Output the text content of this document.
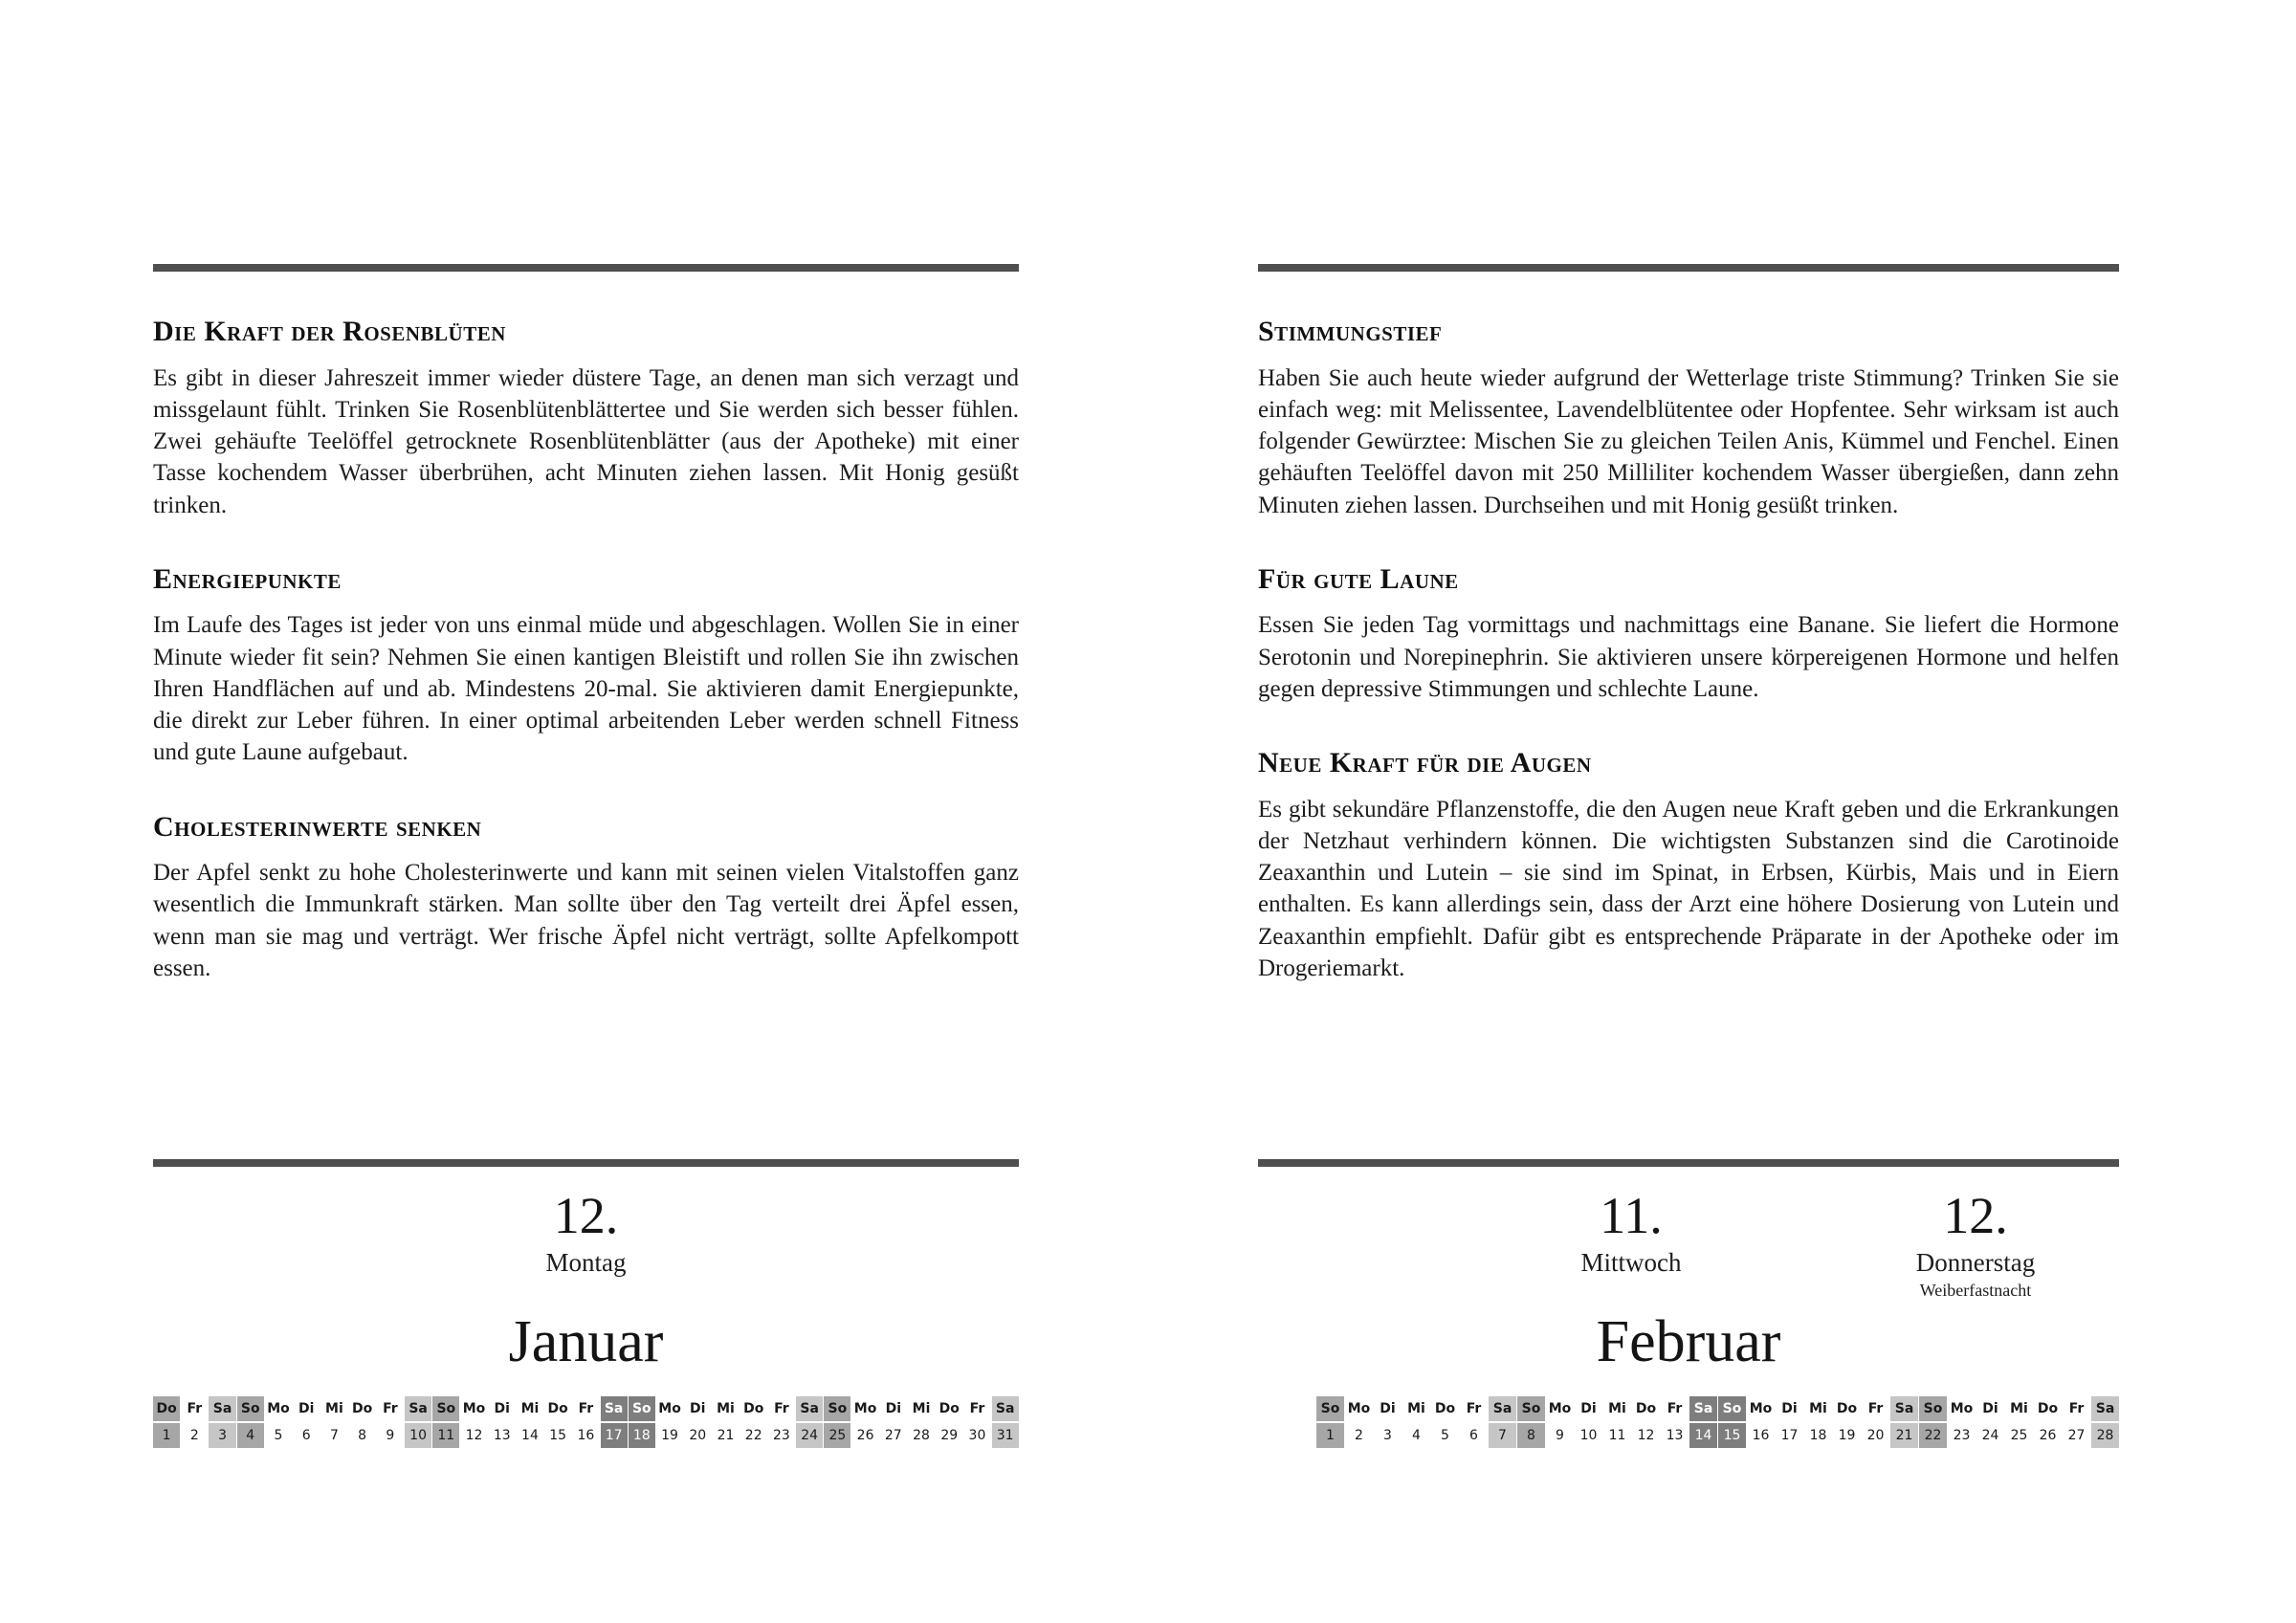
Die Kraft der Rosenblüten

Es gibt in dieser Jahreszeit immer wieder düstere Tage, an denen man sich verzagt und missgelaunt fühlt. Trinken Sie Rosenblütenblättertee und Sie werden sich besser fühlen. Zwei gehäufte Teelöffel getrocknete Rosenblütenblätter (aus der Apotheke) mit einer Tasse kochendem Wasser überbrühen, acht Minuten ziehen lassen. Mit Honig gesüßt trinken.

Energiepunkte

Im Laufe des Tages ist jeder von uns einmal müde und abgeschlagen. Wollen Sie in einer Minute wieder fit sein? Nehmen Sie einen kantigen Bleistift und rollen Sie ihn zwischen Ihren Handflächen auf und ab. Mindestens 20-mal. Sie aktivieren damit Energiepunkte, die direkt zur Leber führen. In einer optimal arbeitenden Leber werden schnell Fitness und gute Laune aufgebaut.

Cholesterinwerte senken

Der Apfel senkt zu hohe Cholesterinwerte und kann mit seinen vielen Vitalstoffen ganz wesentlich die Immunkraft stärken. Man sollte über den Tag verteilt drei Äpfel essen, wenn man sie mag und verträgt. Wer frische Äpfel nicht verträgt, sollte Apfelkompott essen.

Stimmungstief

Haben Sie auch heute wieder aufgrund der Wetterlage triste Stimmung? Trinken Sie sie einfach weg: mit Melissentee, Lavendelblütentee oder Hopfentee. Sehr wirksam ist auch folgender Gewürztee: Mischen Sie zu gleichen Teilen Anis, Kümmel und Fenchel. Einen gehäuften Teelöffel davon mit 250 Milliliter kochendem Wasser übergießen, dann zehn Minuten ziehen lassen. Durchseihen und mit Honig gesüßt trinken.

Für gute Laune

Essen Sie jeden Tag vormittags und nachmittags eine Banane. Sie liefert die Hormone Serotonin und Norepinephrin. Sie aktivieren unsere körpereigenen Hormone und helfen gegen depressive Stimmungen und schlechte Laune.

Neue Kraft für die Augen

Es gibt sekundäre Pflanzenstoffe, die den Augen neue Kraft geben und die Erkrankungen der Netzhaut verhindern können. Die wichtigsten Substanzen sind die Carotinoide Zeaxanthin und Lutein – sie sind im Spinat, in Erbsen, Kürbis, Mais und in Eiern enthalten. Es kann allerdings sein, dass der Arzt eine höhere Dosierung von Lutein und Zeaxanthin empfiehlt. Dafür gibt es entsprechende Präparate in der Apotheke oder im Drogeriemarkt.

12.
Montag
Januar
Do Fr Sa So Mo Di Mi Do Fr Sa So Mo Di Mi Do Fr Sa So Mo Di Mi Do Fr Sa So Mo Di Mi Do Fr Sa
1	2	3	4	5	6	7	8	9	10 11 12 13 14 15 16 17 18 19 20 21 22 23 24 25 26 27 28 29 30 31
11.
Mittwoch
12.
Donnerstag
Weiberfastnacht
Februar
So Mo Di Mi Do Fr Sa So Mo Di Mi Do Fr Sa So Mo Di Mi Do Fr Sa So Mo Di Mi Do Fr Sa
1	2	3	4	5	6	7	8	9	10 11 12 13 14 15 16 17 18 19 20 21 22 23 24 25 26 27 28
